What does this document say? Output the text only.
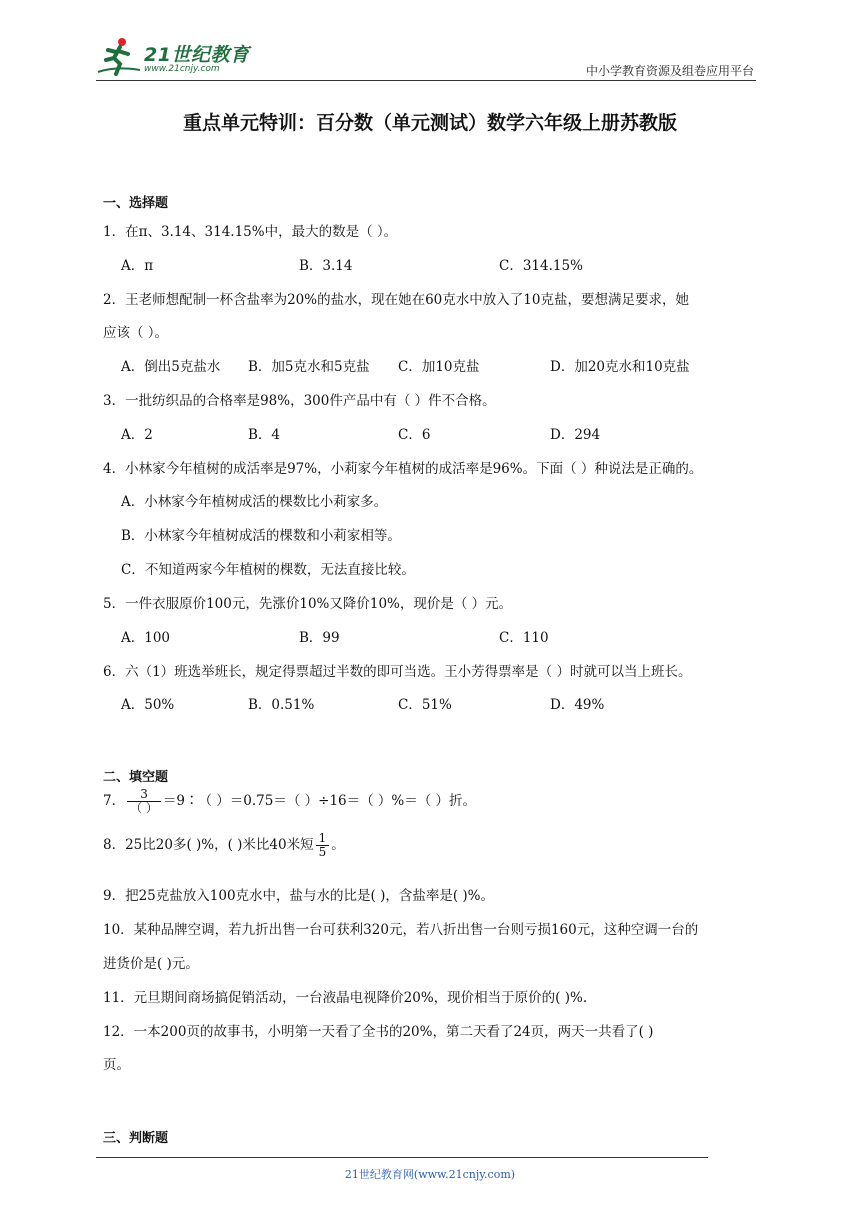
21世纪教育
www.21cnjy.com	中小学教育资源及组卷应用平台
重点单元特训：百分数（单元测试）数学六年级上册苏教版
一、选择题
1．在π、3.14、314.15%中，最大的数是（ ）。
A．π	B．3.14	C．314.15%
2．王老师想配制一杯含盐率为20%的盐水，现在她在60克水中放入了10克盐，要想满足要求，她
应该（ ）。
A．倒出5克盐水 B．加5克水和5克盐 C．加10克盐	D．加20克水和10克盐
3．一批纺织品的合格率是98%，300件产品中有（ ）件不合格。
A．2	B．4	C．6	D．294
4．小林家今年植树的成活率是97%，小莉家今年植树的成活率是96%。下面（ ）种说法是正确的。
A．小林家今年植树成活的棵数比小莉家多。
B．小林家今年植树成活的棵数和小莉家相等。
C．不知道两家今年植树的棵数，无法直接比较。
5．一件衣服原价100元，先涨价10%又降价10%，现价是（ ）元。
A．100	B．99	C．110
6．六（1）班选举班长，规定得票超过半数的即可当选。王小芳得票率是（ ）时就可以当上班长。
A．50%	B．0.51%	C．51%	D．49%
二、填空题
7． $\frac{3}{( )}$ ＝9∶（ ）＝0.75＝（ ）÷16＝（ ）%＝（ ）折。
8．25比20多( )%，( )米比40米短 $\frac{1}{5}$ 。
9．把25克盐放入100克水中，盐与水的比是( )，含盐率是( )%。
10．某种品牌空调，若九折出售一台可获利320元，若八折出售一台则亏损160元，这种空调一台的
进货价是( )元。
11．元旦期间商场搞促销活动，一台液晶电视降价20%，现价相当于原价的( )%.
12．一本200页的故事书，小明第一天看了全书的20%，第二天看了24页，两天一共看了( )
页。
三、判断题
21世纪教育网(www.21cnjy.com)
